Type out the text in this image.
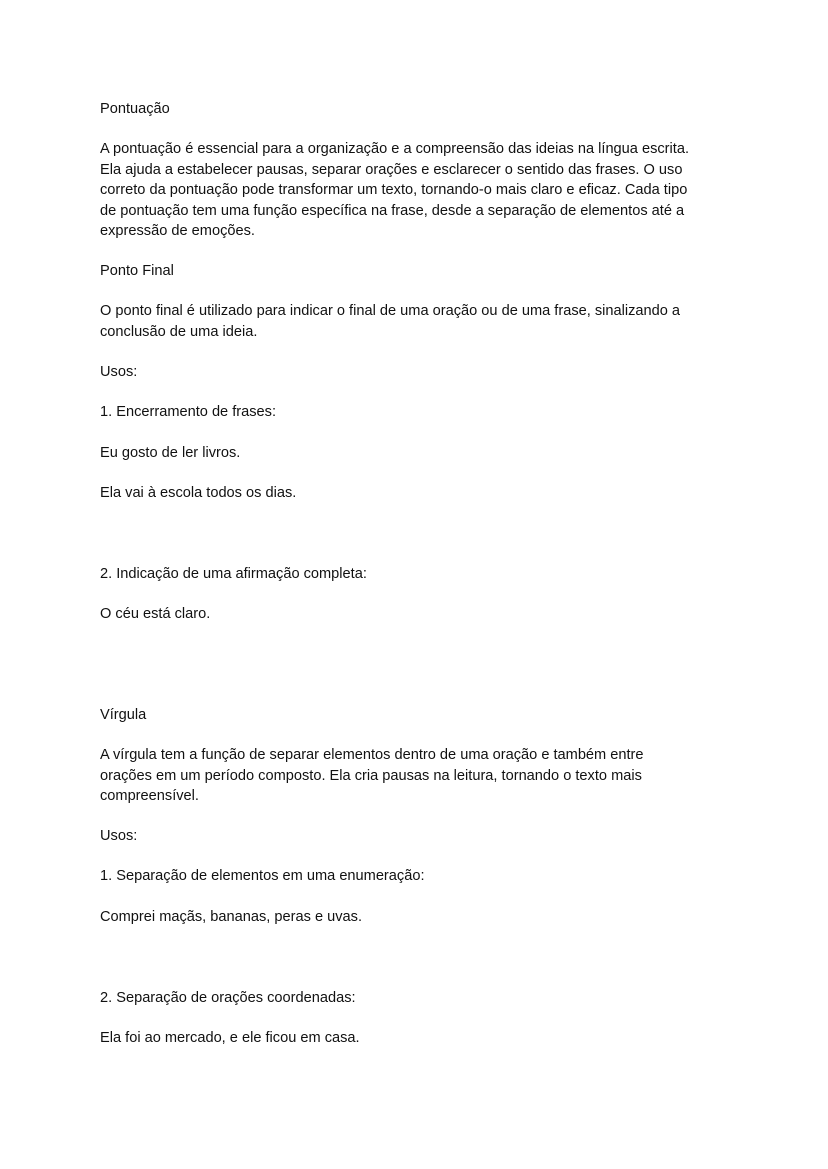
Pontuação
A pontuação é essencial para a organização e a compreensão das ideias na língua escrita.
Ela ajuda a estabelecer pausas, separar orações e esclarecer o sentido das frases. O uso
correto da pontuação pode transformar um texto, tornando-o mais claro e eficaz. Cada tipo
de pontuação tem uma função específica na frase, desde a separação de elementos até a
expressão de emoções.
Ponto Final
O ponto final é utilizado para indicar o final de uma oração ou de uma frase, sinalizando a
conclusão de uma ideia.
Usos:
1. Encerramento de frases:
Eu gosto de ler livros.
Ela vai à escola todos os dias.
2. Indicação de uma afirmação completa:
O céu está claro.
Vírgula
A vírgula tem a função de separar elementos dentro de uma oração e também entre
orações em um período composto. Ela cria pausas na leitura, tornando o texto mais
compreensível.
Usos:
1. Separação de elementos em uma enumeração:
Comprei maçãs, bananas, peras e uvas.
2. Separação de orações coordenadas:
Ela foi ao mercado, e ele ficou em casa.
